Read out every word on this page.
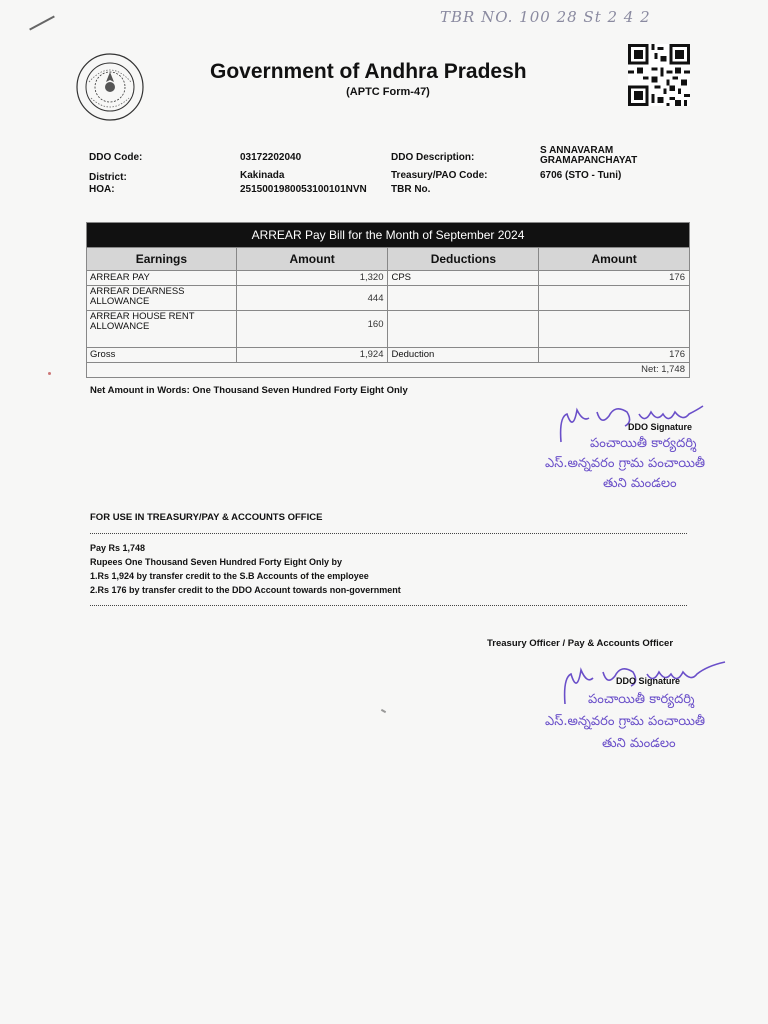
TBR NO. 100 28 St 2 4 2
Government of Andhra Pradesh
(APTC Form-47)
DDO Code:	03172202040	DDO Description:
S ANNAVARAM
GRAMAPANCHAYAT
District:	Kakinada	Treasury/PAO Code:	6706 (STO - Tuni)
HOA:	2515001980053100101NVN TBR No.
ARREAR Pay Bill for the Month of September 2024			
Earnings	Amount	Deductions	Amount
ARREAR PAY	1,320	CPS	176

ARREAR DEARNESS
ALLOWANCE	444		

ARREAR HOUSE RENT
ALLOWANCE	160		
Gross	1,924	Deduction	176
Net: 1,748			
Net Amount in Words: One Thousand Seven Hundred Forty Eight Only
DDO Signature
పంచాయితీ కార్యదర్శి
ఎస్.అన్నవరం గ్రామ పంచాయితీ
తుని మండలం
FOR USE IN TREASURY/PAY & ACCOUNTS OFFICE
Pay Rs 1,748
Rupees One Thousand Seven Hundred Forty Eight Only by
1.Rs 1,924 by transfer credit to the S.B Accounts of the employee
2.Rs 176 by transfer credit to the DDO Account towards non-government
Treasury Officer / Pay & Accounts Officer
DDO Signature
పంచాయితీ కార్యదర్శి
ఎస్.అన్నవరం గ్రామ పంచాయితీ
తుని మండలం
